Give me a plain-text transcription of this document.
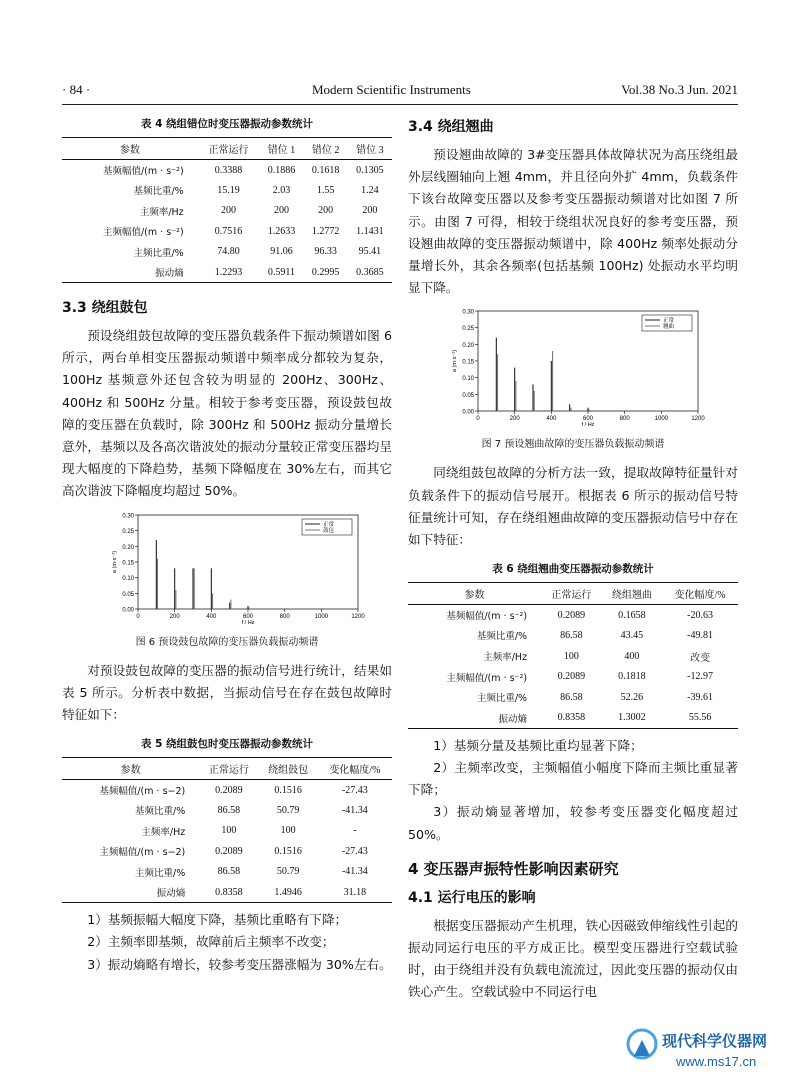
· 84 ·	Modern Scientific Instruments	Vol.38 No.3 Jun. 2021
表 4 绕组错位时变压器振动参数统计
参数	正常运行	错位 1	错位 2	错位 3
基频幅值/(m · s⁻²)	0.3388	0.1886	0.1618	0.1305
基频比重/%	15.19	2.03	1.55	1.24
主频率/Hz	200	200	200	200
主频幅值/(m · s⁻²)	0.7516	1.2633	1.2772	1.1431
主频比重/%	74.80	91.06	96.33	95.41
振动熵	1.2293	0.5911	0.2995	0.3685
3.3 绕组鼓包

预设绕组鼓包故障的变压器负载条件下振动频谱如图 6 所示，两台单相变压器振动频谱中频率成分都较为复杂，100Hz 基频意外还包含较为明显的 200Hz、300Hz、400Hz 和 500Hz 分量。相较于参考变压器，预设鼓包故障的变压器在负载时，除 300Hz 和 500Hz 振动分量增长意外，基频以及各高次谐波处的振动分量较正常变压器均呈现大幅度的下降趋势，基频下降幅度在 30%左右，而其它高次谐波下降幅度均超过 50%。

0.00
0.05
0.10
0.15
0.20
0.25
0.30
0	200	400	600	800	1000	1200
f / Hz
a (m·s⁻²)
正常
鼓包
图 6 预设鼓包故障的变压器负载振动频谱

对预设鼓包故障的变压器的振动信号进行统计，结果如表 5 所示。分析表中数据，当振动信号在存在鼓包故障时特征如下：

表 5 绕组鼓包时变压器振动参数统计
参数	正常运行	绕组鼓包	变化幅度/%
基频幅值/(m · s−2)	0.2089	0.1516	-27.43
基频比重/%	86.58	50.79	-41.34
主频率/Hz	100	100	-
主频幅值/(m · s−2)	0.2089	0.1516	-27.43
主频比重/%	86.58	50.79	-41.34
振动熵	0.8358	1.4946	31.18

1）基频振幅大幅度下降，基频比重略有下降；

2）主频率即基频，故障前后主频率不改变；

3）振动熵略有增长，较参考变压器涨幅为 30%左右。

3.4 绕组翘曲

预设翘曲故障的 3#变压器具体故障状况为高压绕组最外层线圈轴向上翘 4mm，并且径向外扩 4mm，负载条件下该台故障变压器以及参考变压器振动频谱对比如图 7 所示。由图 7 可得，相较于绕组状况良好的参考变压器，预设翘曲故障的变压器振动频谱中，除 400Hz 频率处振动分量增长外，其余各频率(包括基频 100Hz) 处振动水平均明显下降。

0.00
0.05
0.10
0.15
0.20
0.25
0.30
0	200	400	600	800	1000	1200
f / Hz
a (m·s⁻²)
正常
翘曲
图 7 预设翘曲故障的变压器负载振动频谱

同绕组鼓包故障的分析方法一致，提取故障特征量针对负载条件下的振动信号展开。根据表 6 所示的振动信号特征量统计可知，存在绕组翘曲故障的变压器振动信号中存在如下特征：

表 6 绕组翘曲变压器振动参数统计
参数	正常运行	绕组翘曲	变化幅度/%
基频幅值/(m · s⁻²)	0.2089	0.1658	-20.63
基频比重/%	86.58	43.45	-49.81
主频率/Hz	100	400	改变
主频幅值/(m · s⁻²)	0.2089	0.1818	-12.97
主频比重/%	86.58	52.26	-39.61
振动熵	0.8358	1.3002	55.56

1）基频分量及基频比重均显著下降；

2）主频率改变，主频幅值小幅度下降而主频比重显著下降；

3）振动熵显著增加，较参考变压器变化幅度超过 50%。

4 变压器声振特性影响因素研究
4.1 运行电压的影响

根据变压器振动产生机理，铁心因磁致伸缩线性引起的振动同运行电压的平方成正比。模型变压器进行空载试验时，由于绕组并没有负载电流流过，因此变压器的振动仅由铁心产生。空载试验中不同运行电

现代科学仪器网
www.ms17.cn
